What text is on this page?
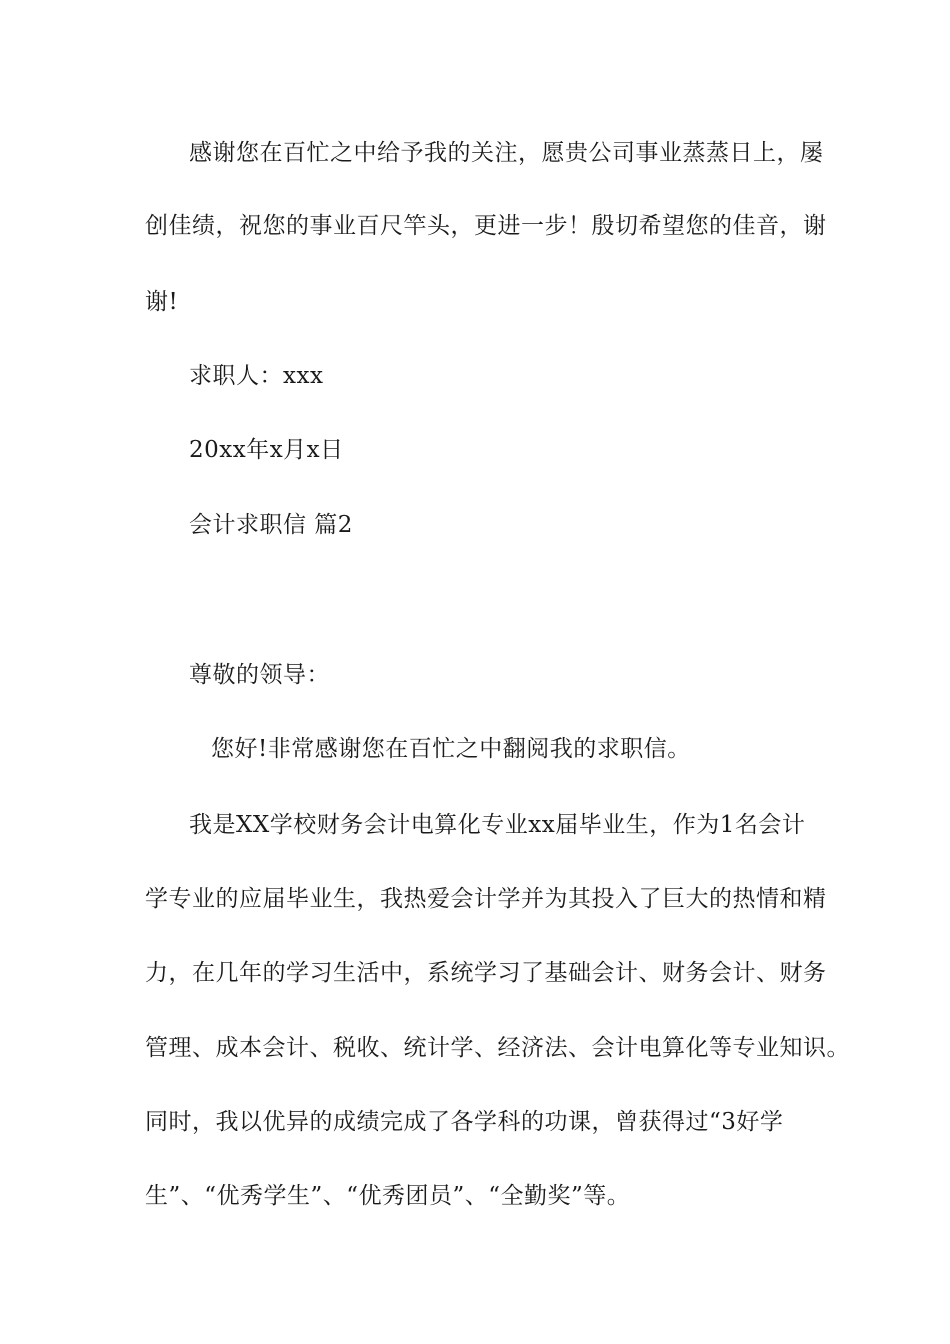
感谢您在百忙之中给予我的关注，愿贵公司事业蒸蒸日上，屡
创佳绩，祝您的事业百尺竿头，更进一步！殷切希望您的佳音，谢
谢!
求职人：xxx
20xx年x月x日
会计求职信 篇2
尊敬的领导：
您好!非常感谢您在百忙之中翻阅我的求职信。
我是XX学校财务会计电算化专业xx届毕业生，作为1名会计
学专业的应届毕业生，我热爱会计学并为其投入了巨大的热情和精
力，在几年的学习生活中，系统学习了基础会计、财务会计、财务
管理、成本会计、税收、统计学、经济法、会计电算化等专业知识。
同时，我以优异的成绩完成了各学科的功课，曾获得过“3好学
生”、“优秀学生”、“优秀团员”、“全勤奖”等。
